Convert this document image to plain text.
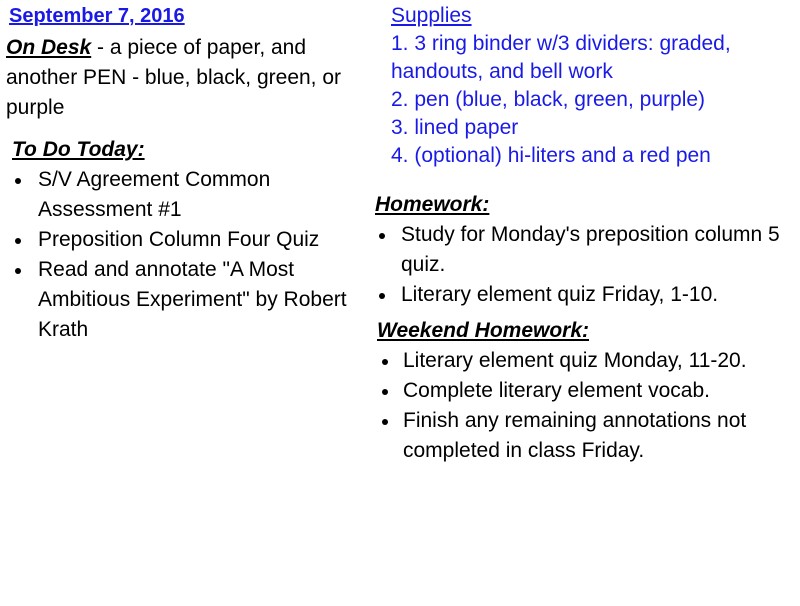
September 7, 2016
On Desk - a piece of paper, and another PEN - blue, black, green, or purple
To Do Today:
S/V Agreement Common Assessment #1
Preposition Column Four Quiz
Read and annotate "A Most Ambitious Experiment" by Robert Krath
Supplies
1. 3 ring binder w/3 dividers: graded, handouts, and bell work
2. pen (blue, black, green, purple)
3. lined paper
4. (optional) hi-liters and a red pen
Homework:
Study for Monday's preposition column 5 quiz.
Literary element quiz Friday, 1-10.
Weekend Homework:
Literary element quiz Monday, 11-20.
Complete literary element vocab.
Finish any remaining annotations not completed in class Friday.
